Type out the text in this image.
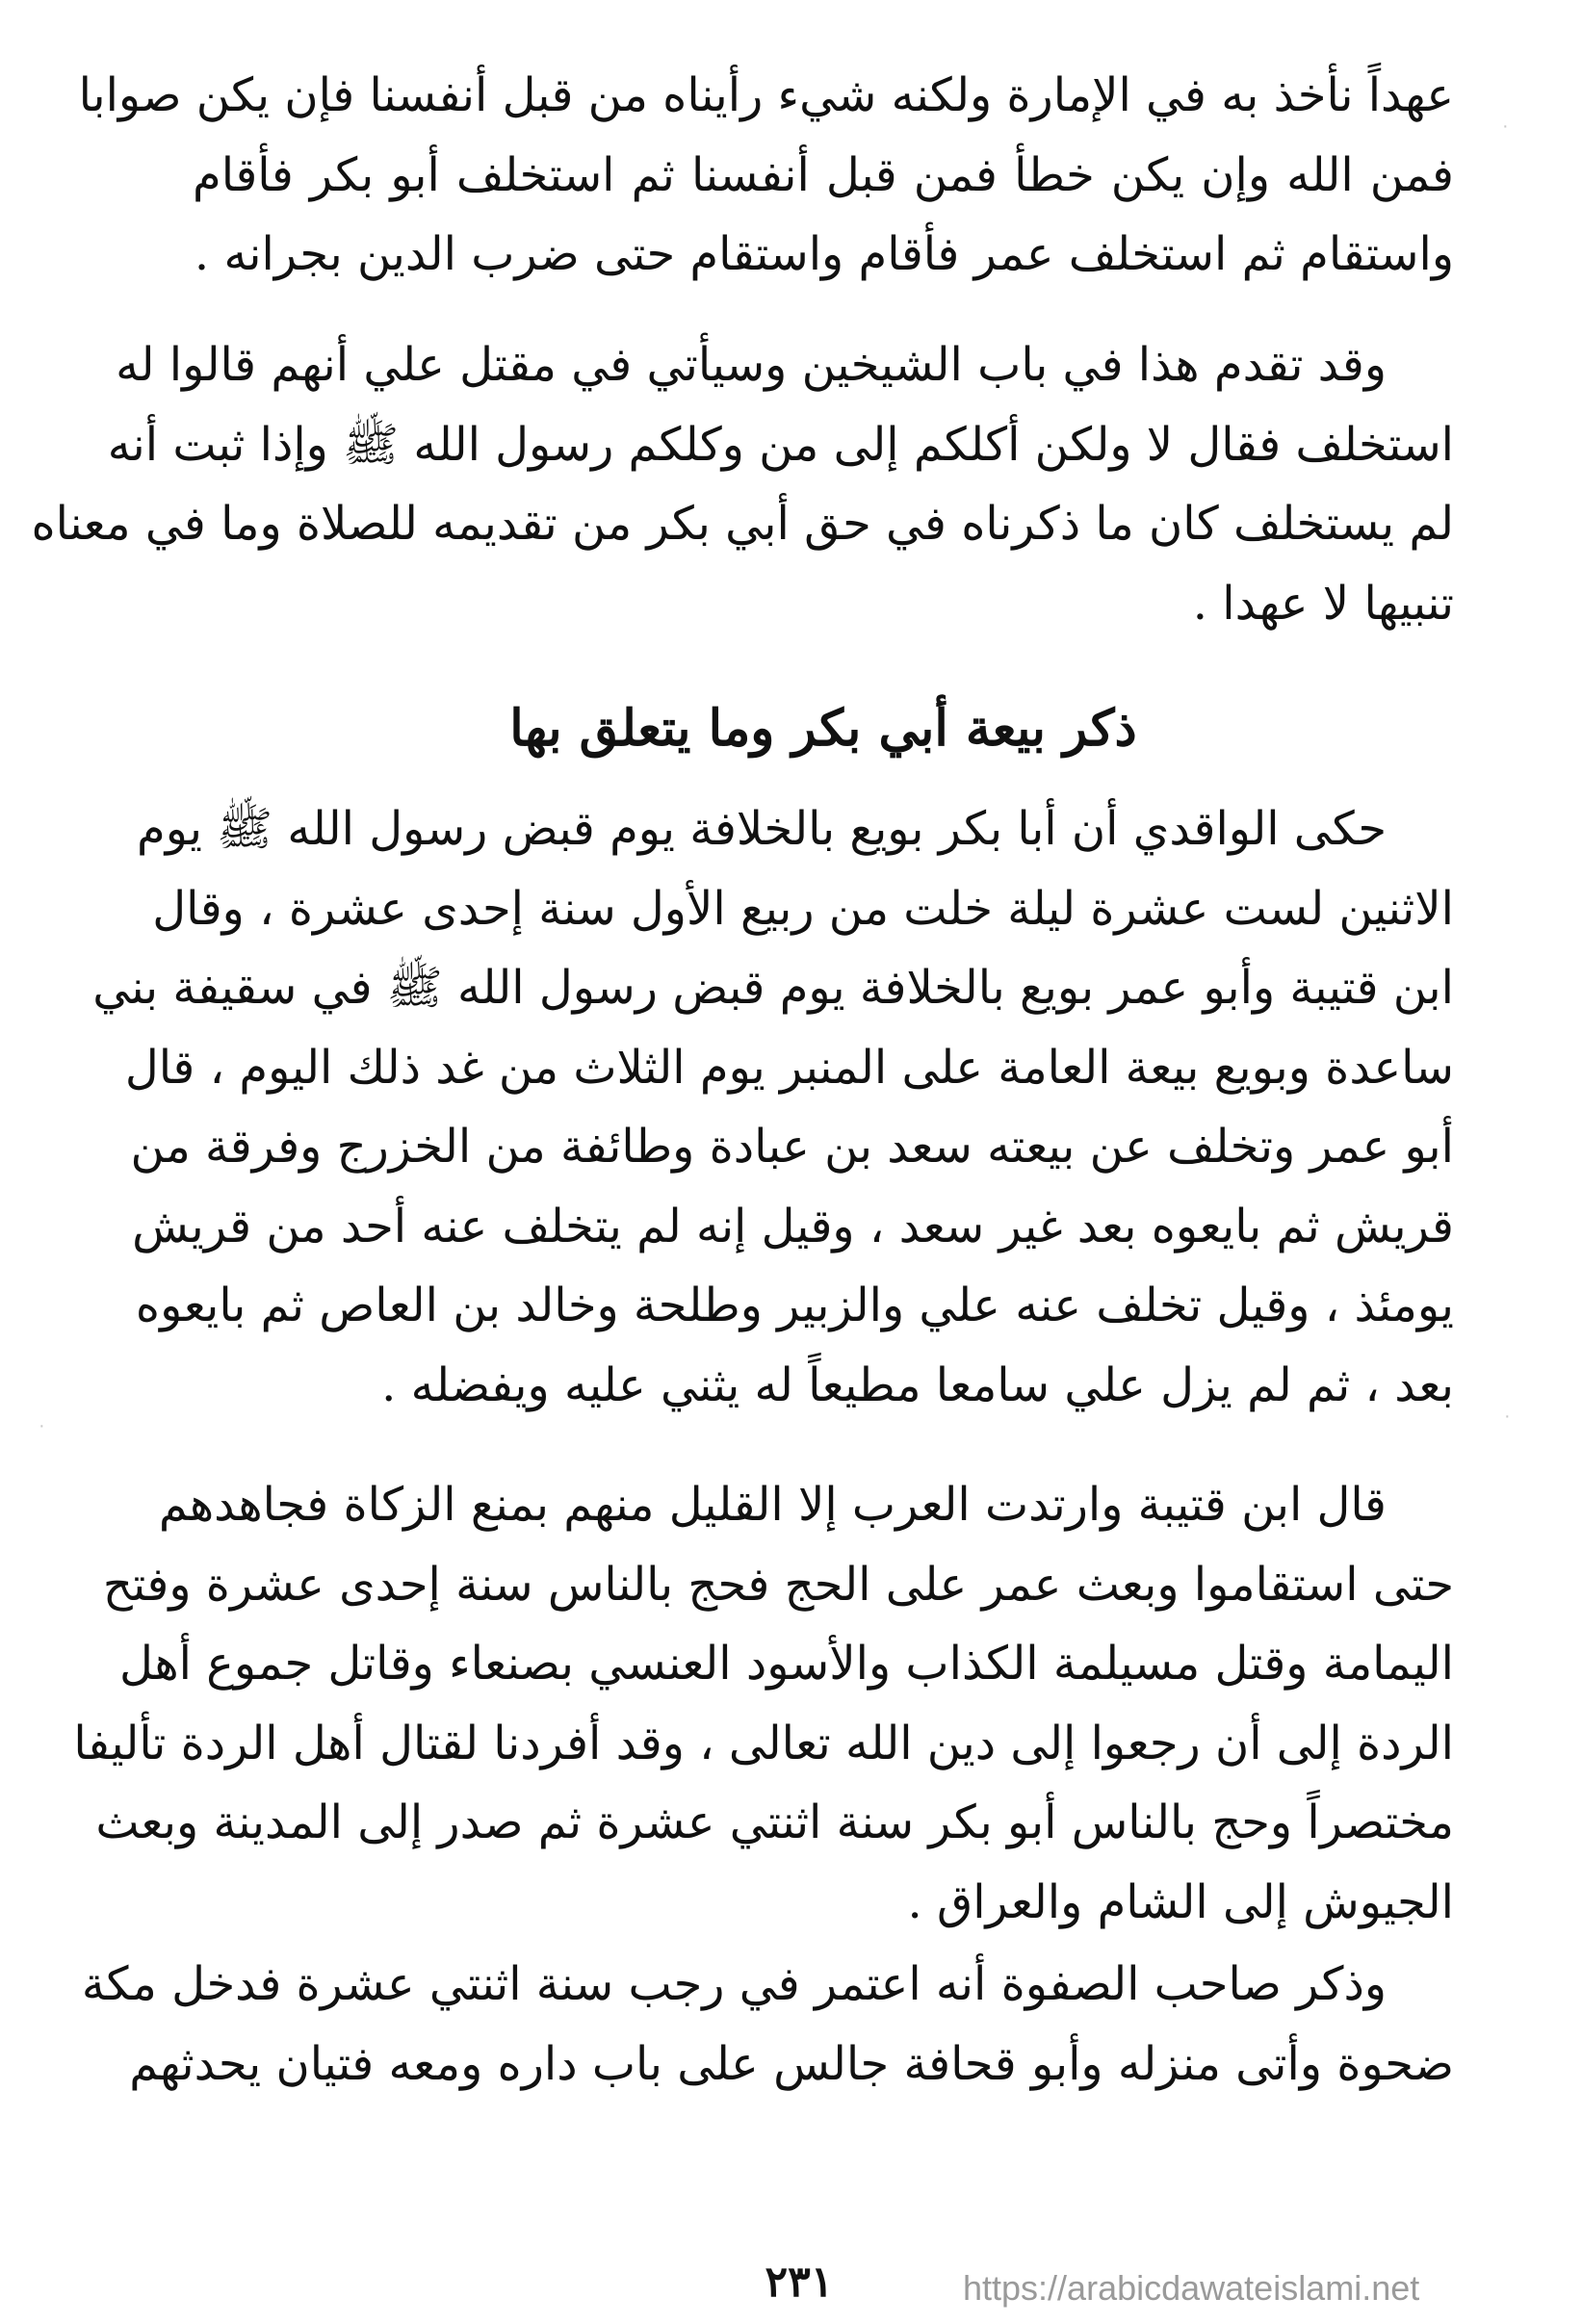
عهداً نأخذ به في الإمارة ولكنه شيء رأيناه من قبل أنفسنا فإن يكن صوابا
فمن الله وإن يكن خطأ فمن قبل أنفسنا ثم استخلف أبو بكر فأقام
واستقام ثم استخلف عمر فأقام واستقام حتى ضرب الدين بجرانه .
وقد تقدم هذا في باب الشيخين وسيأتي في مقتل علي أنهم قالوا له
استخلف فقال لا ولكن أكلكم إلى من وكلكم رسول الله ﷺ وإذا ثبت أنه
لم يستخلف كان ما ذكرناه في حق أبي بكر من تقديمه للصلاة وما في معناه
تنبيها لا عهدا .
ذكر بيعة أبي بكر وما يتعلق بها
حكى الواقدي أن أبا بكر بويع بالخلافة يوم قبض رسول الله ﷺ يوم
الاثنين لست عشرة ليلة خلت من ربيع الأول سنة إحدى عشرة ، وقال
ابن قتيبة وأبو عمر بويع بالخلافة يوم قبض رسول الله ﷺ في سقيفة بني
ساعدة وبويع بيعة العامة على المنبر يوم الثلاث من غد ذلك اليوم ، قال
أبو عمر وتخلف عن بيعته سعد بن عبادة وطائفة من الخزرج وفرقة من
قريش ثم بايعوه بعد غير سعد ، وقيل إنه لم يتخلف عنه أحد من قريش
يومئذ ، وقيل تخلف عنه علي والزبير وطلحة وخالد بن العاص ثم بايعوه
بعد ، ثم لم يزل علي سامعا مطيعاً له يثني عليه ويفضله .
قال ابن قتيبة وارتدت العرب إلا القليل منهم بمنع الزكاة فجاهدهم
حتى استقاموا وبعث عمر على الحج فحج بالناس سنة إحدى عشرة وفتح
اليمامة وقتل مسيلمة الكذاب والأسود العنسي بصنعاء وقاتل جموع أهل
الردة إلى أن رجعوا إلى دين الله تعالى ، وقد أفردنا لقتال أهل الردة تأليفا
مختصراً وحج بالناس أبو بكر سنة اثنتي عشرة ثم صدر إلى المدينة وبعث
الجيوش إلى الشام والعراق .
وذكر صاحب الصفوة أنه اعتمر في رجب سنة اثنتي عشرة فدخل مكة
ضحوة وأتى منزله وأبو قحافة جالس على باب داره ومعه فتيان يحدثهم
٢٣١	https://arabicdawateislami.net
·
·
·
